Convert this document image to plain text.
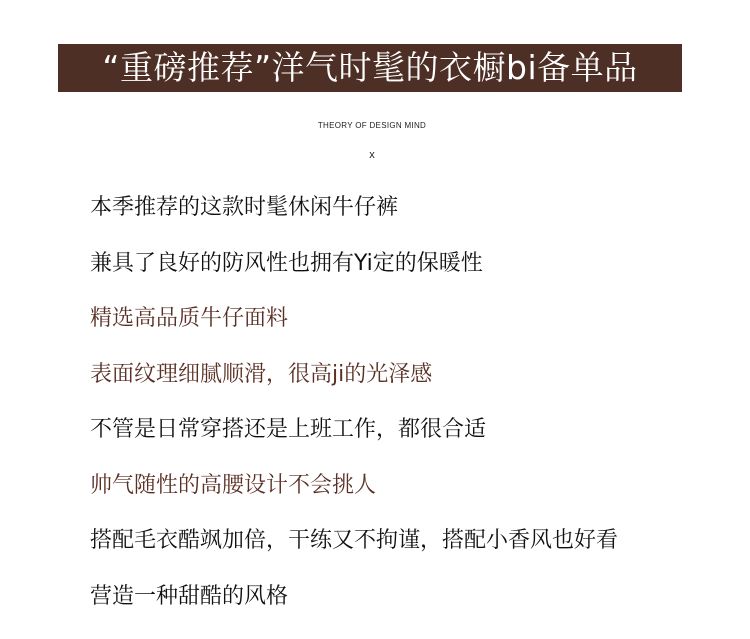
“重磅推荐”洋气时髦的衣橱bi备单品
THEORY OF DESIGN MIND
x
本季推荐的这款时髦休闲牛仔裤
兼具了良好的防风性也拥有Yi定的保暖性
精选高品质牛仔面料
表面纹理细腻顺滑，很高ji的光泽感
不管是日常穿搭还是上班工作，都很合适
帅气随性的高腰设计不会挑人
搭配毛衣酷飒加倍，干练又不拘谨，搭配小香风也好看
营造一种甜酷的风格
